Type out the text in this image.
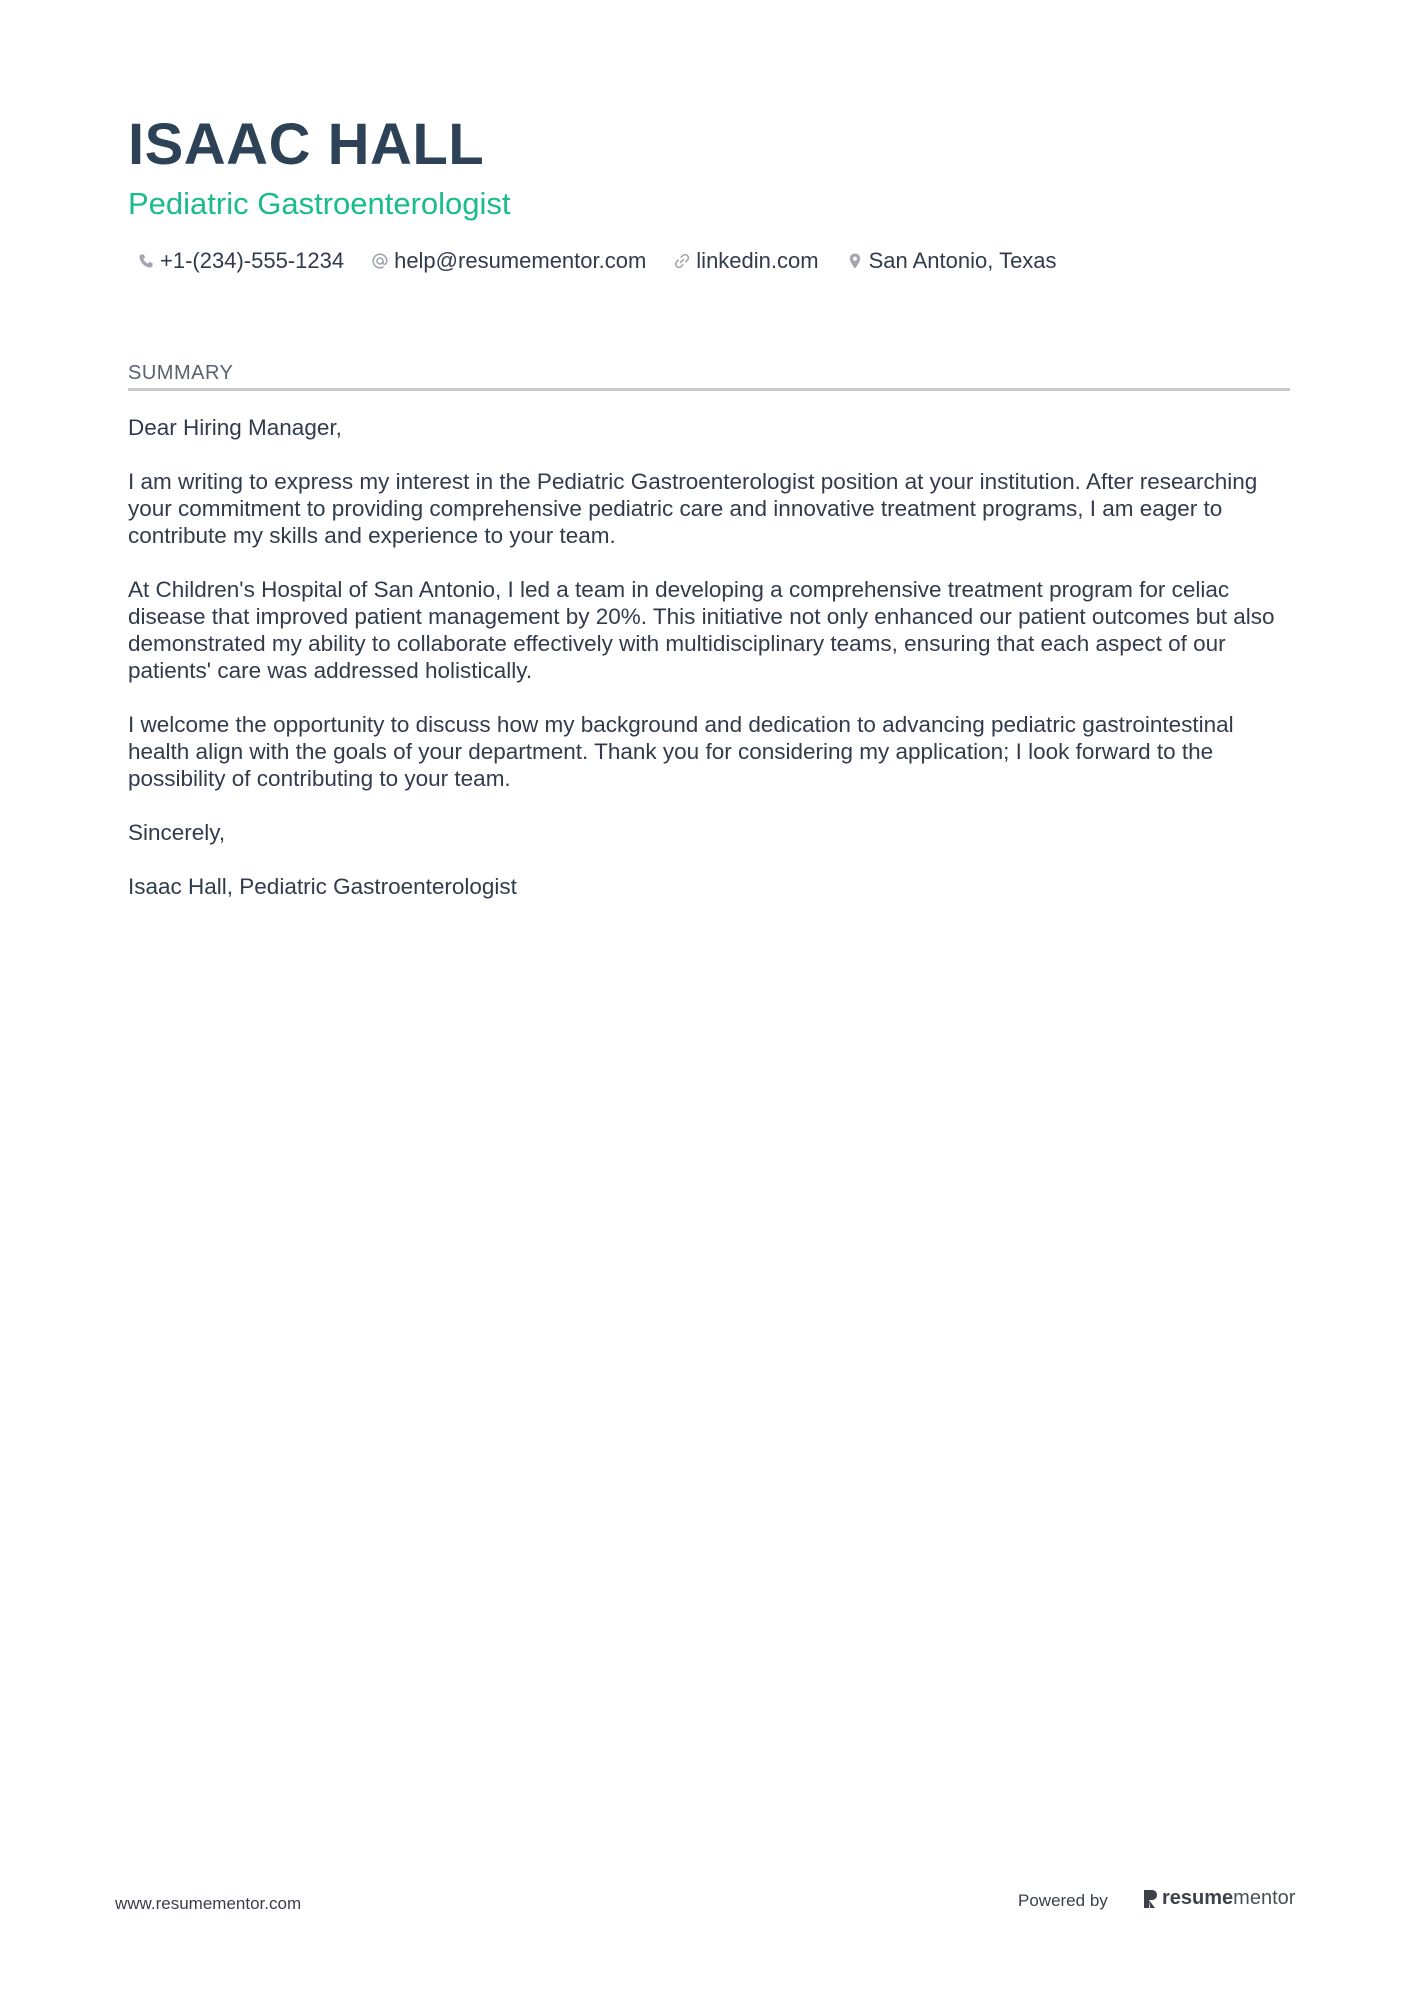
ISAAC HALL
Pediatric Gastroenterologist
+1-(234)-555-1234 help@resumementor.com linkedin.com San Antonio, Texas
SUMMARY

Dear Hiring Manager,

I am writing to express my interest in the Pediatric Gastroenterologist position at your institution. After researching your commitment to providing comprehensive pediatric care and innovative treatment programs, I am eager to contribute my skills and experience to your team.

At Children's Hospital of San Antonio, I led a team in developing a comprehensive treatment program for celiac disease that improved patient management by 20%. This initiative not only enhanced our patient outcomes but also demonstrated my ability to collaborate effectively with multidisciplinary teams, ensuring that each aspect of our patients' care was addressed holistically.

I welcome the opportunity to discuss how my background and dedication to advancing pediatric gastrointestinal health align with the goals of your department. Thank you for considering my application; I look forward to the possibility of contributing to your team.

Sincerely,

Isaac Hall, Pediatric Gastroenterologist

www.resumementor.com	Powered by	resume mentor
